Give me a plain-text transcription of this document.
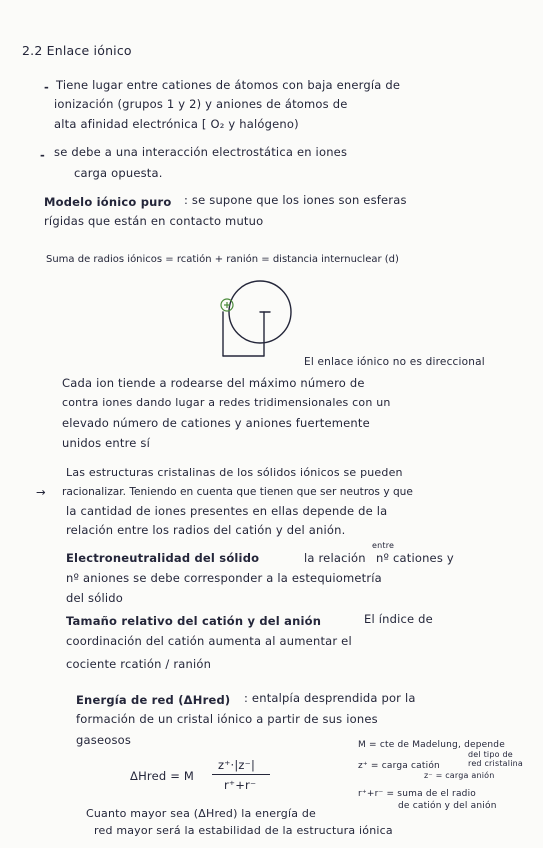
2.2 Enlace iónico
- Tiene lugar entre cationes de átomos con baja energía de
ionización (grupos 1 y 2) y aniones de átomos de
alta afinidad electrónica [ O₂ y halógeno)
- se debe a una interacción electrostática en iones
carga opuesta.
Modelo iónico puro : se supone que los iones son esferas
rígidas que están en contacto mutuo
Suma de radios iónicos = rcatión + ranión = distancia internuclear (d)
El enlace iónico no es direccional
Cada ion tiende a rodearse del máximo número de
contra iones dando lugar a redes tridimensionales con un
elevado número de cationes y aniones fuertemente
unidos entre sí
Las estructuras cristalinas de los sólidos iónicos se pueden
→ racionalizar. Teniendo en cuenta que tienen que ser neutros y que
la cantidad de iones presentes en ellas depende de la
relación entre los radios del catión y del anión.
Electroneutralidad del sólido	la relación
entre
nº cationes y
nº aniones se debe corresponder a la estequiometría
del sólido
Tamaño relativo del catión y del anión	El índice de
coordinación del catión aumenta al aumentar el
cociente rcatión / ranión
Energía de red (ΔHred) : entalpía desprendida por la
formación de un cristal iónico a partir de sus iones
gaseosos
ΔHred = M
z⁺·|z⁻|
r⁺+r⁻
M = cte de Madelung, depende
del tipo de
red cristalina
z⁺ = carga catión
z⁻ = carga anión
r⁺+r⁻ = suma de el radio
de catión y del anión
Cuanto mayor sea (ΔHred) la energía de
red mayor será la estabilidad de la estructura iónica
